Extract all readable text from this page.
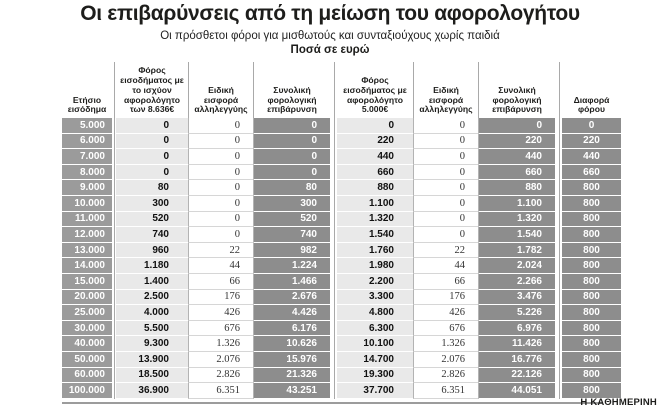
Οι επιβαρύνσεις από τη μείωση του αφορολογήτου
Οι πρόσθετοι φόροι για μισθωτούς και συνταξιούχους χωρίς παιδιά
Ποσά σε ευρώ
Ετήσιο εισόδημα
Φόρος εισοδήματος με το ισχύον αφορολόγητο των 8.636€
Ειδική εισφορά αλληλεγγύης
Συνολική φορολογική επιβάρυνση
Φόρος εισοδήματος με αφορολόγητο 5.000€
Ειδική εισφορά αλληλεγγύης
Συνολική φορολογική επιβάρυνση
Διαφορά φόρου
5.000	0	0	0	0	0	0	0
6.000	0	0	0	220	0	220	220
7.000	0	0	0	440	0	440	440
8.000	0	0	0	660	0	660	660
9.000	80	0	80	880	0	880	800
10.000	300	0	300	1.100	0	1.100	800
11.000	520	0	520	1.320	0	1.320	800
12.000	740	0	740	1.540	0	1.540	800
13.000	960	22	982	1.760	22	1.782	800
14.000	1.180	44	1.224	1.980	44	2.024	800
15.000	1.400	66	1.466	2.200	66	2.266	800
20.000	2.500	176	2.676	3.300	176	3.476	800
25.000	4.000	426	4.426	4.800	426	5.226	800
30.000	5.500	676	6.176	6.300	676	6.976	800
40.000	9.300	1.326	10.626	10.100	1.326	11.426	800
50.000	13.900	2.076	15.976	14.700	2.076	16.776	800
60.000	18.500	2.826	21.326	19.300	2.826	22.126	800
100.000	36.900	6.351	43.251	37.700	6.351	44.051	800
Η ΚΑΘΗΜΕΡΙΝΗ
